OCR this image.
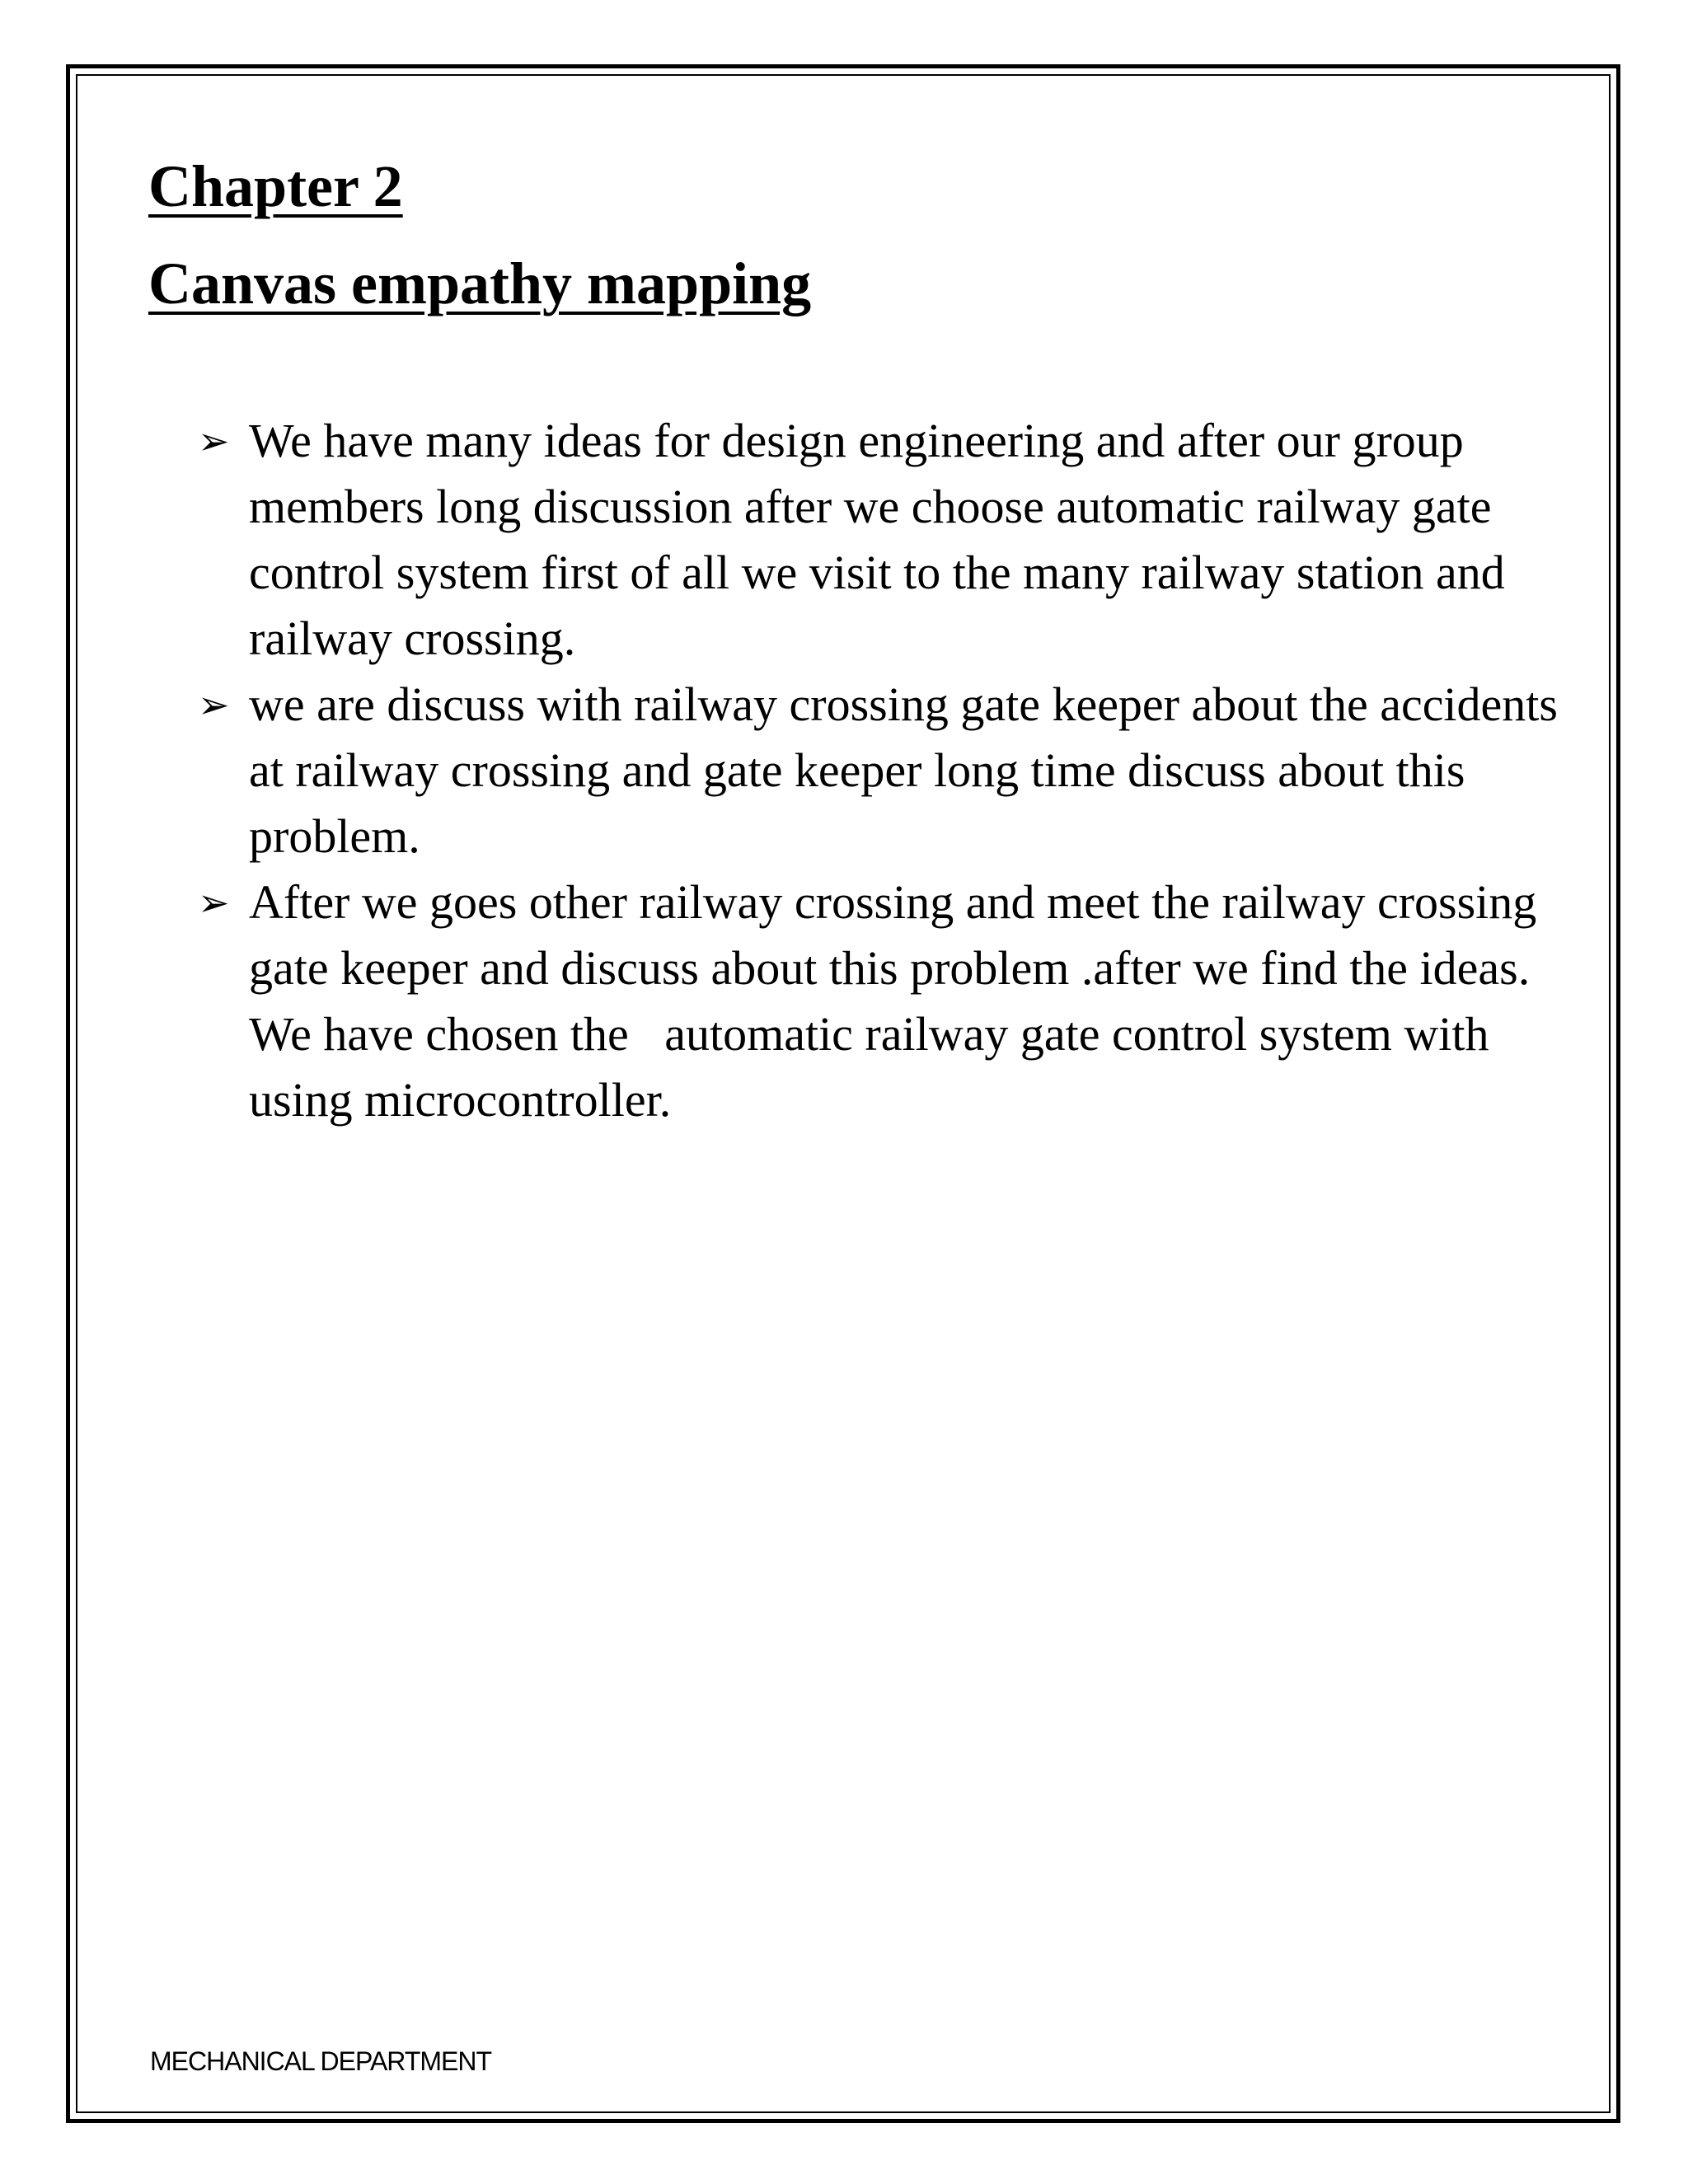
Chapter 2
Canvas empathy mapping
➢ We have many ideas for design engineering and after our group members long discussion after we choose automatic railway gate control system first of all we visit to the many railway station and railway crossing.
➢ we are discuss with railway crossing gate keeper about the accidents at railway crossing and gate keeper long time discuss about this problem.
➢ After we goes other railway crossing and meet the railway crossing gate keeper and discuss about this problem .after we find the ideas. We have chosen the   automatic railway gate control system with using microcontroller.
MECHANICAL DEPARTMENT
